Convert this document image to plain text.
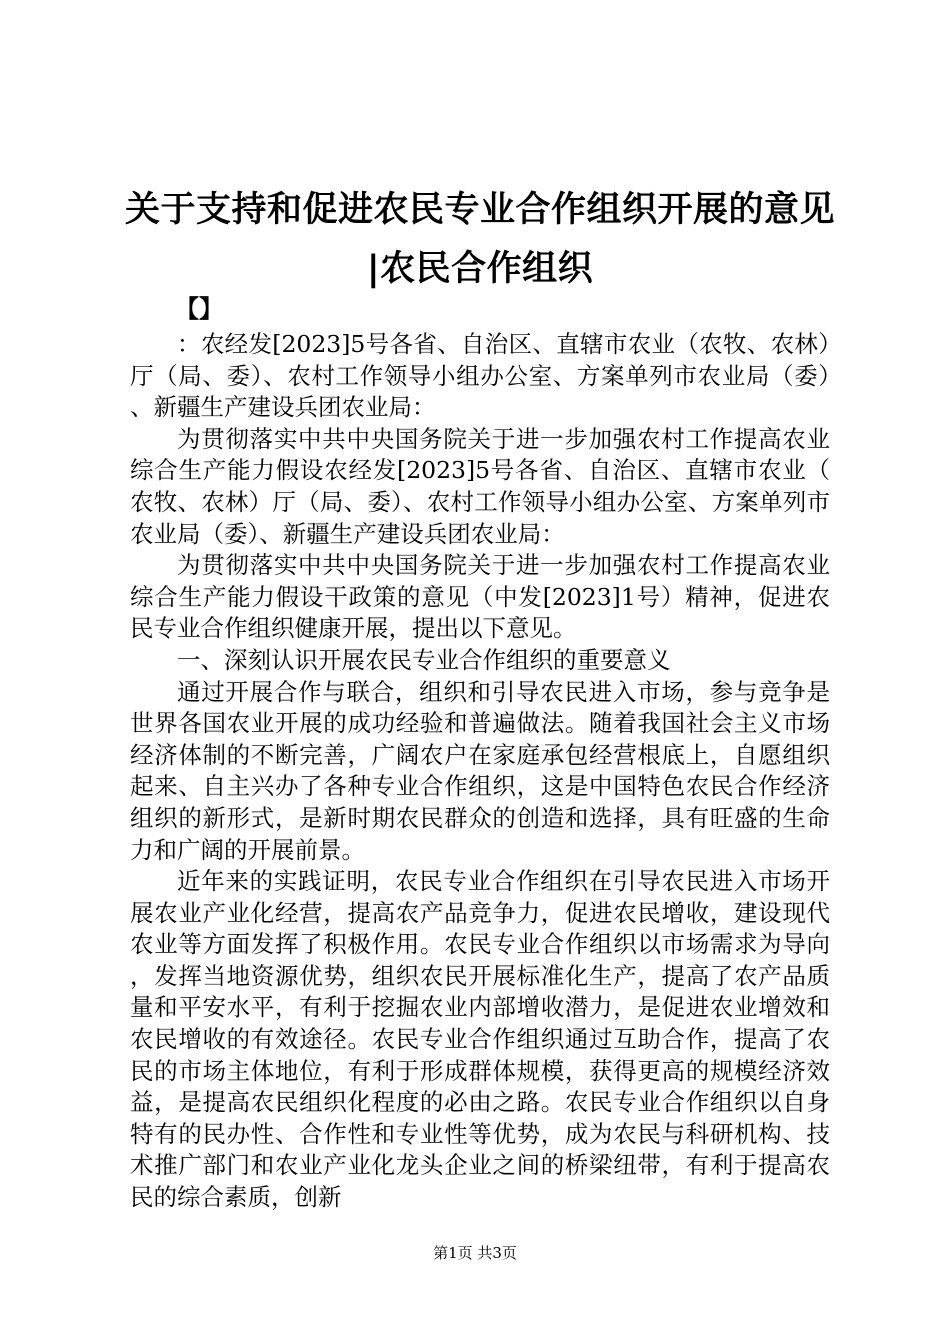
关于支持和促进农民专业合作组织开展的意见
|农民合作组织
【】

：农经发[2023]5号各省、自治区、直辖市农业（农牧、农林）厅（局、委）、农村工作领导小组办公室、方案单列市农业局（委）、新疆生产建设兵团农业局：

为贯彻落实中共中央国务院关于进一步加强农村工作提高农业综合生产能力假设农经发[2023]5号各省、自治区、直辖市农业（农牧、农林）厅（局、委）、农村工作领导小组办公室、方案单列市农业局（委）、新疆生产建设兵团农业局：

为贯彻落实中共中央国务院关于进一步加强农村工作提高农业综合生产能力假设干政策的意见（中发[2023]1号）精神，促进农民专业合作组织健康开展，提出以下意见。

一、深刻认识开展农民专业合作组织的重要意义

通过开展合作与联合，组织和引导农民进入市场，参与竞争是世界各国农业开展的成功经验和普遍做法。随着我国社会主义市场经济体制的不断完善，广阔农户在家庭承包经营根底上，自愿组织起来、自主兴办了各种专业合作组织，这是中国特色农民合作经济组织的新形式，是新时期农民群众的创造和选择，具有旺盛的生命力和广阔的开展前景。

近年来的实践证明，农民专业合作组织在引导农民进入市场开展农业产业化经营，提高农产品竞争力，促进农民增收，建设现代农业等方面发挥了积极作用。农民专业合作组织以市场需求为导向，发挥当地资源优势，组织农民开展标准化生产，提高了农产品质量和平安水平，有利于挖掘农业内部增收潜力，是促进农业增效和农民增收的有效途径。农民专业合作组织通过互助合作，提高了农民的市场主体地位，有利于形成群体规模，获得更高的规模经济效益，是提高农民组织化程度的必由之路。农民专业合作组织以自身特有的民办性、合作性和专业性等优势，成为农民与科研机构、技术推广部门和农业产业化龙头企业之间的桥梁纽带，有利于提高农民的综合素质，创新

第1页 共3页
